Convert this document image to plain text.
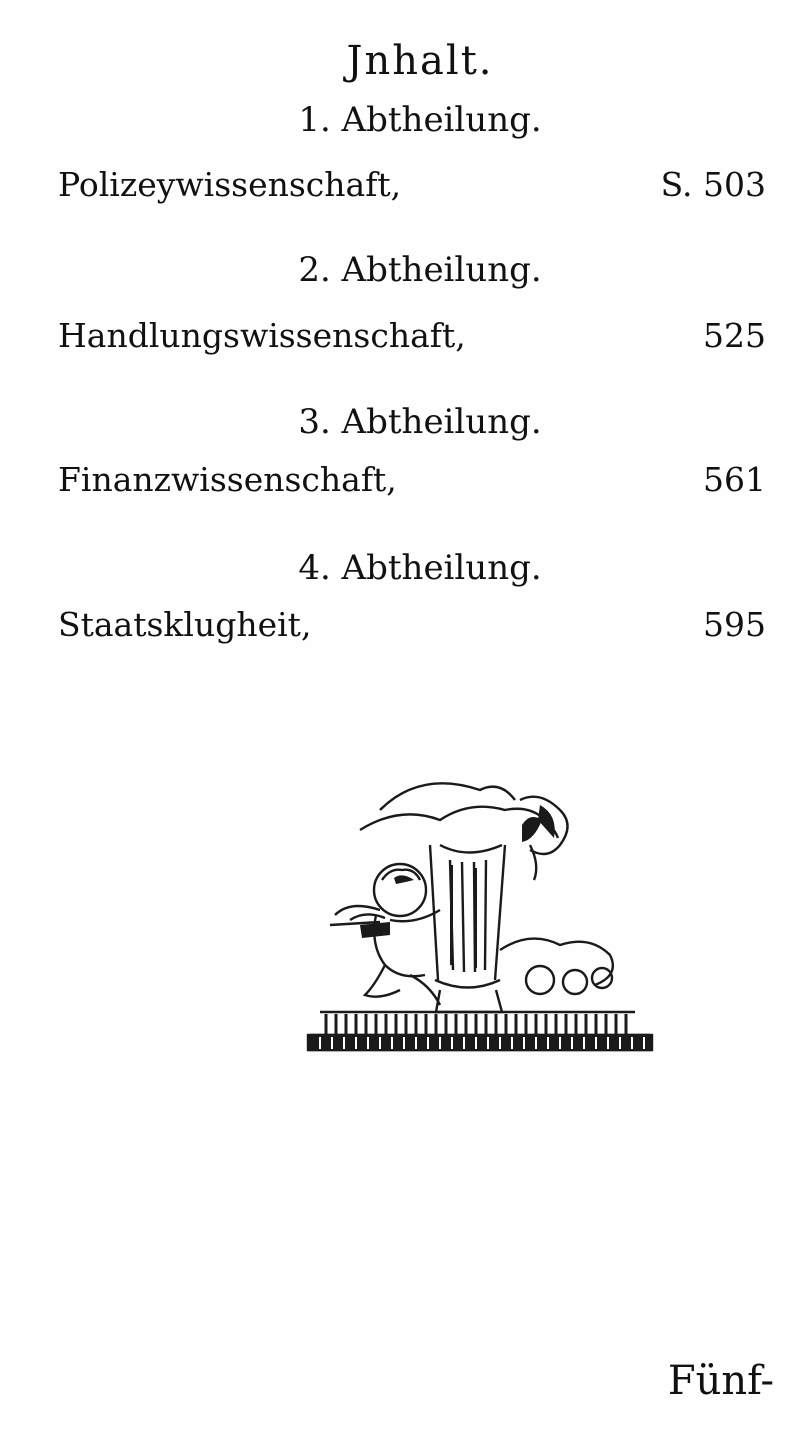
Jnhalt.
1. Abtheilung.
Polizeywissenschaft,	S. 503
2. Abtheilung.
Handlungswissenschaft,	525
3. Abtheilung.
Finanzwissenschaft,	561
4. Abtheilung.
Staatsklugheit,	595
Fünf-
